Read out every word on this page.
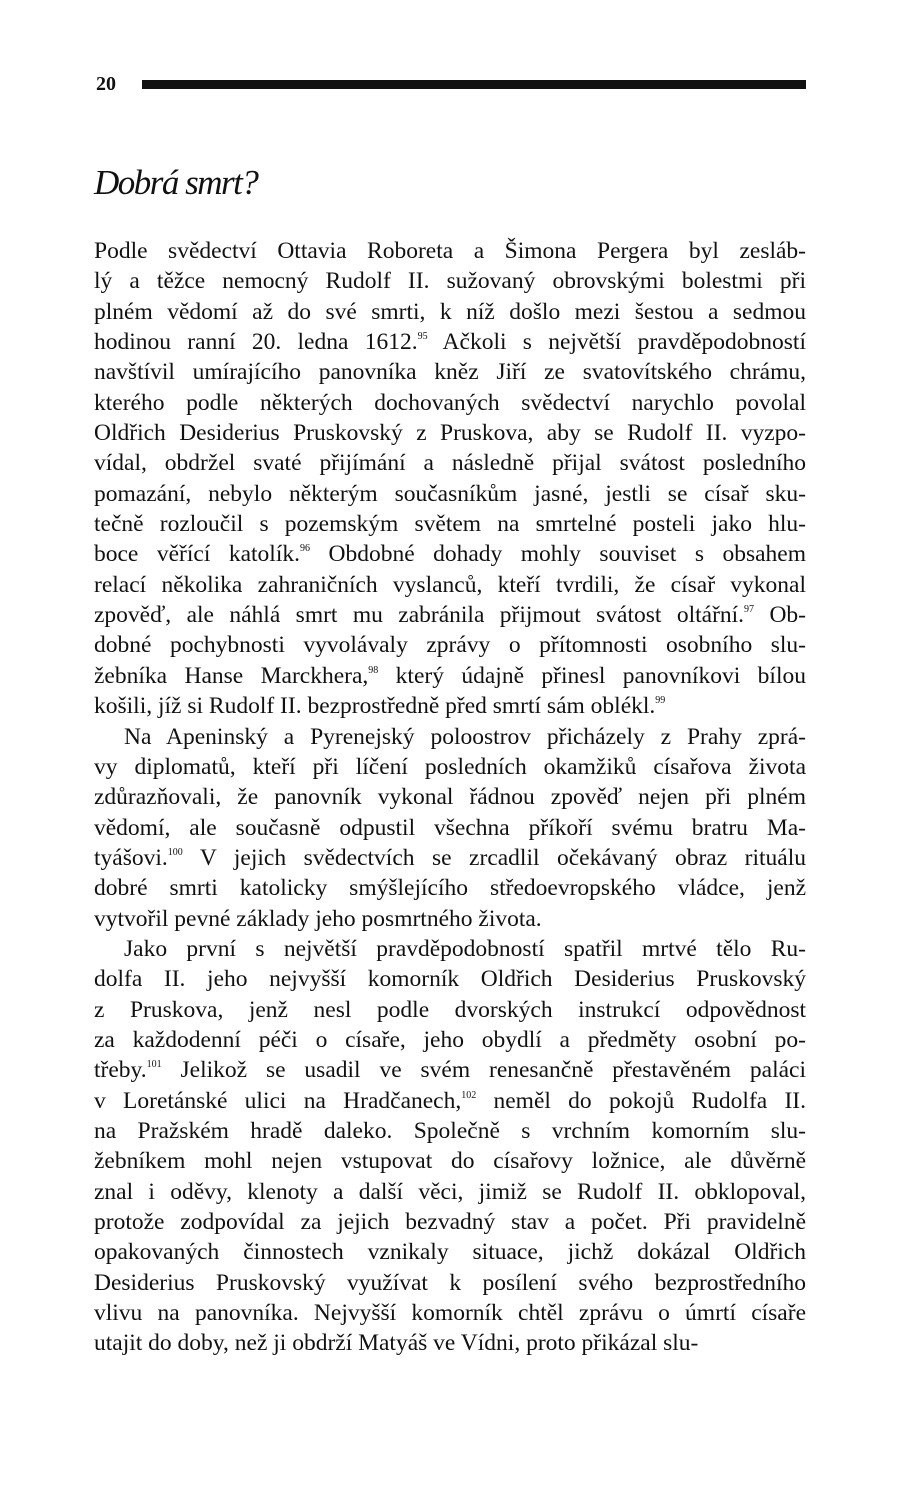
20
Dobrá smrt?
Podle svědectví Ottavia Roboreta a Šimona Pergera byl zesláb-
lý a těžce nemocný Rudolf II. sužovaný obrovskými bolestmi při
plném vědomí až do své smrti, k níž došlo mezi šestou a sedmou
hodinou ranní 20. ledna 1612.95 Ačkoli s největší pravděpodobností
navštívil umírajícího panovníka kněz Jiří ze svatovítského chrámu,
kterého podle některých dochovaných svědectví narychlo povolal
Oldřich Desiderius Pruskovský z Pruskova, aby se Rudolf II. vyzpo-
vídal, obdržel svaté přijímání a následně přijal svátost posledního
pomazání, nebylo některým současníkům jasné, jestli se císař sku-
tečně rozloučil s pozemským světem na smrtelné posteli jako hlu-
boce věřící katolík.$^{96}$ Obdobné dohady mohly souviset s obsahem
relací několika zahraničních vyslanců, kteří tvrdili, že císař vykonal
zpověď, ale náhlá smrt mu zabránila přijmout svátost oltářní.$^{97}$ Ob-
dobné pochybnosti vyvolávaly zprávy o přítomnosti osobního slu-
žebníka Hanse Marckhera,$^{98}$ který údajně přinesl panovníkovi bílou
košili, jíž si Rudolf II. bezprostředně před smrtí sám oblékl.$^{99}$
Na Apeninský a Pyrenejský poloostrov přicházely z Prahy zprá-
vy diplomatů, kteří při líčení posledních okamžiků císařova života
zdůrazňovali, že panovník vykonal řádnou zpověď nejen při plném
vědomí, ale současně odpustil všechna příkoří svému bratru Ma-
tyášovi.$^{100}$ V jejich svědectvích se zrcadlil očekávaný obraz rituálu
dobré smrti katolicky smýšlejícího středoevropského vládce, jenž
vytvořil pevné základy jeho posmrtného života.
Jako první s největší pravděpodobností spatřil mrtvé tělo Ru-
dolfa II. jeho nejvyšší komorník Oldřich Desiderius Pruskovský
z Pruskova, jenž nesl podle dvorských instrukcí odpovědnost
za každodenní péči o císaře, jeho obydlí a předměty osobní po-
třeby.$^{101}$ Jelikož se usadil ve svém renesančně přestavěném paláci
v Loretánské ulici na Hradčanech,$^{102}$ neměl do pokojů Rudolfa II.
na Pražském hradě daleko. Společně s vrchním komorním slu-
žebníkem mohl nejen vstupovat do císařovy ložnice, ale důvěrně
znal i oděvy, klenoty a další věci, jimiž se Rudolf II. obklopoval,
protože zodpovídal za jejich bezvadný stav a počet. Při pravidelně
opakovaných činnostech vznikaly situace, jichž dokázal Oldřich
Desiderius Pruskovský využívat k posílení svého bezprostředního
vlivu na panovníka. Nejvyšší komorník chtěl zprávu o úmrtí císaře
utajit do doby, než ji obdrží Matyáš ve Vídni, proto přikázal slu-
